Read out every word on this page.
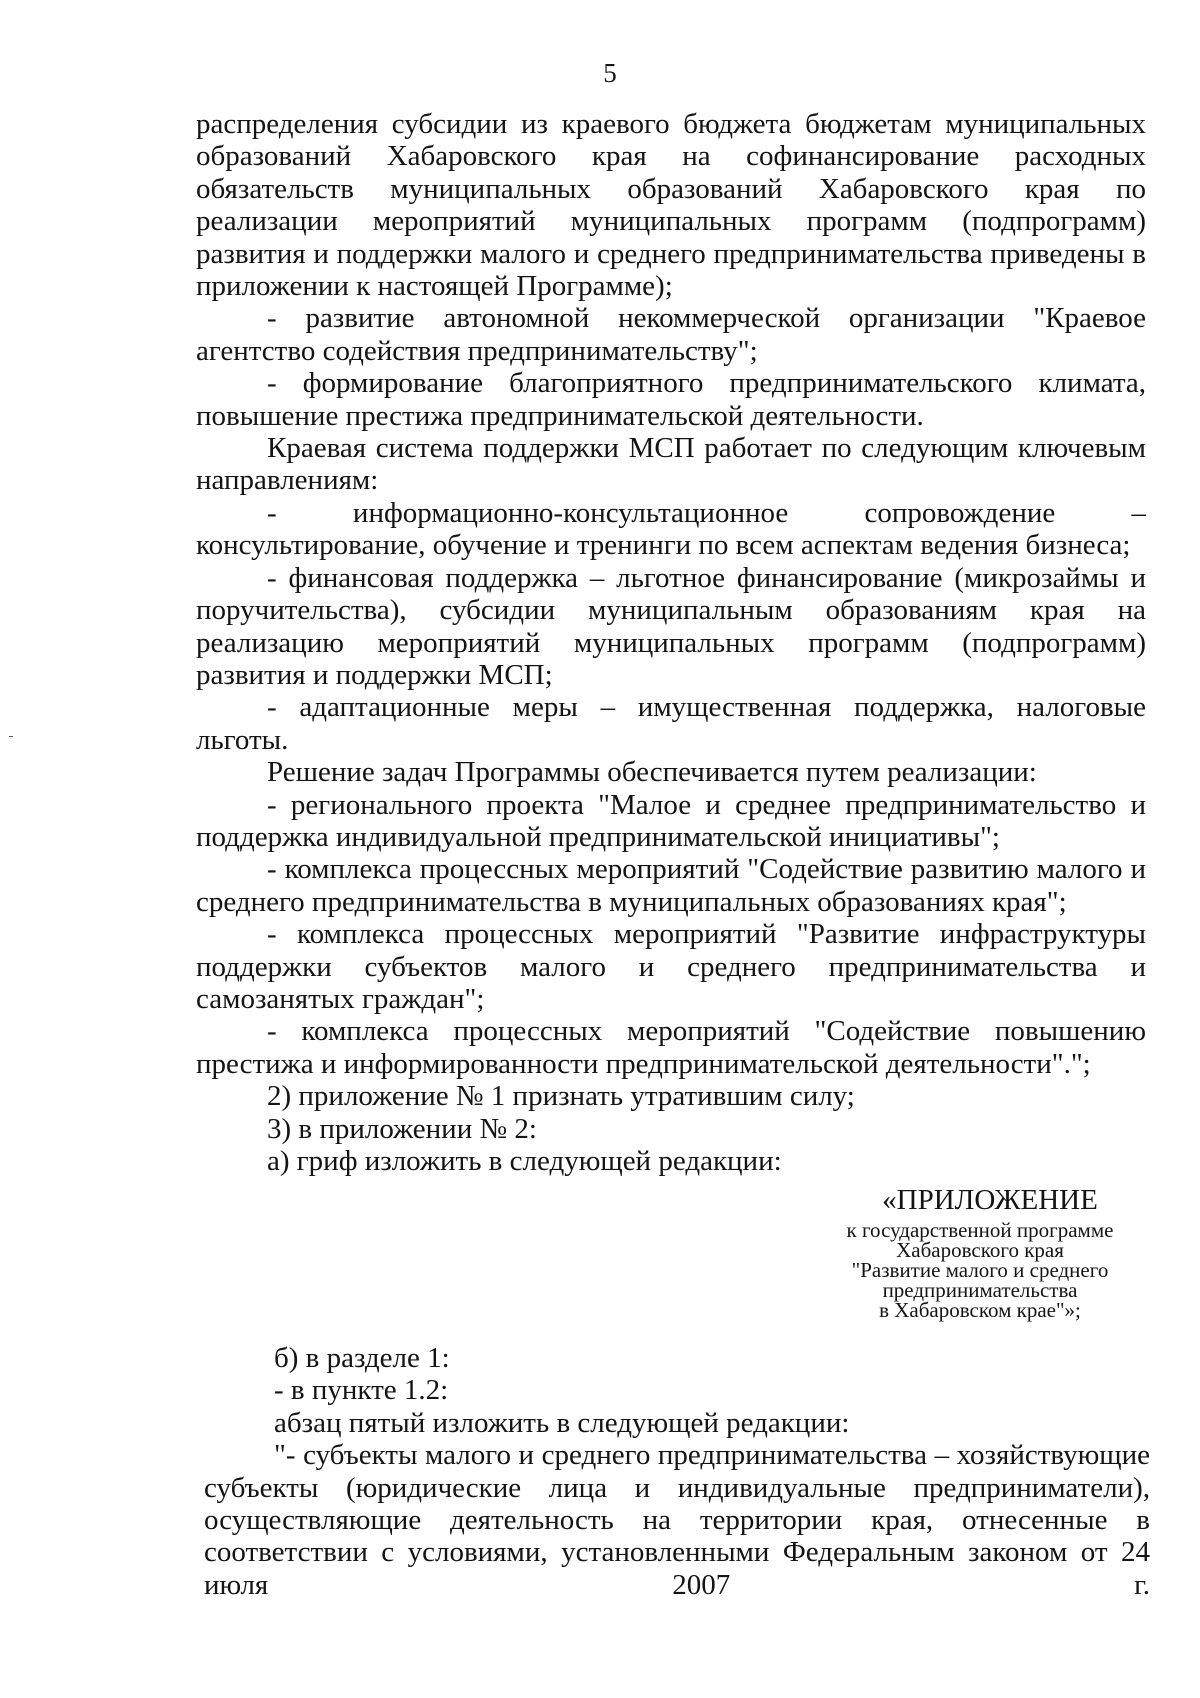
5

распределения субсидии из краевого бюджета бюджетам муниципальных образований Хабаровского края на софинансирование расходных обязательств муниципальных образований Хабаровского края по реализации мероприятий муниципальных программ (подпрограмм) развития и поддержки малого и среднего предпринимательства приведены в приложении к настоящей Программе);

- развитие автономной некоммерческой организации "Краевое агентство содействия предпринимательству";

- формирование благоприятного предпринимательского климата, повышение престижа предпринимательской деятельности.

Краевая система поддержки МСП работает по следующим ключевым направлениям:

- информационно-консультационное сопровождение – консультирование, обучение и тренинги по всем аспектам ведения бизнеса;

- финансовая поддержка – льготное финансирование (микрозаймы и поручительства), субсидии муниципальным образованиям края на реализацию мероприятий муниципальных программ (подпрограмм) развития и поддержки МСП;

- адаптационные меры – имущественная поддержка, налоговые льготы.

Решение задач Программы обеспечивается путем реализации:

- регионального проекта "Малое и среднее предпринимательство и поддержка индивидуальной предпринимательской инициативы";

- комплекса процессных мероприятий "Содействие развитию малого и среднего предпринимательства в муниципальных образованиях края";

- комплекса процессных мероприятий "Развитие инфраструктуры поддержки субъектов малого и среднего предпринимательства и самозанятых граждан";

- комплекса процессных мероприятий "Содействие повышению престижа и информированности предпринимательской деятельности".";

2) приложение № 1 признать утратившим силу;

3) в приложении № 2:

а) гриф изложить в следующей редакции:

«ПРИЛОЖЕНИЕ
к государственной программе
Хабаровского края
"Развитие малого и среднего
предпринимательства
в Хабаровском крае"»;

б) в разделе 1:

- в пункте 1.2:

абзац пятый изложить в следующей редакции:

"- субъекты малого и среднего предпринимательства – хозяйствующие субъекты (юридические лица и индивидуальные предприниматели), осуществляющие деятельность на территории края, отнесенные в соответствии с условиями, установленными Федеральным законом от 24 июля 2007 г.
